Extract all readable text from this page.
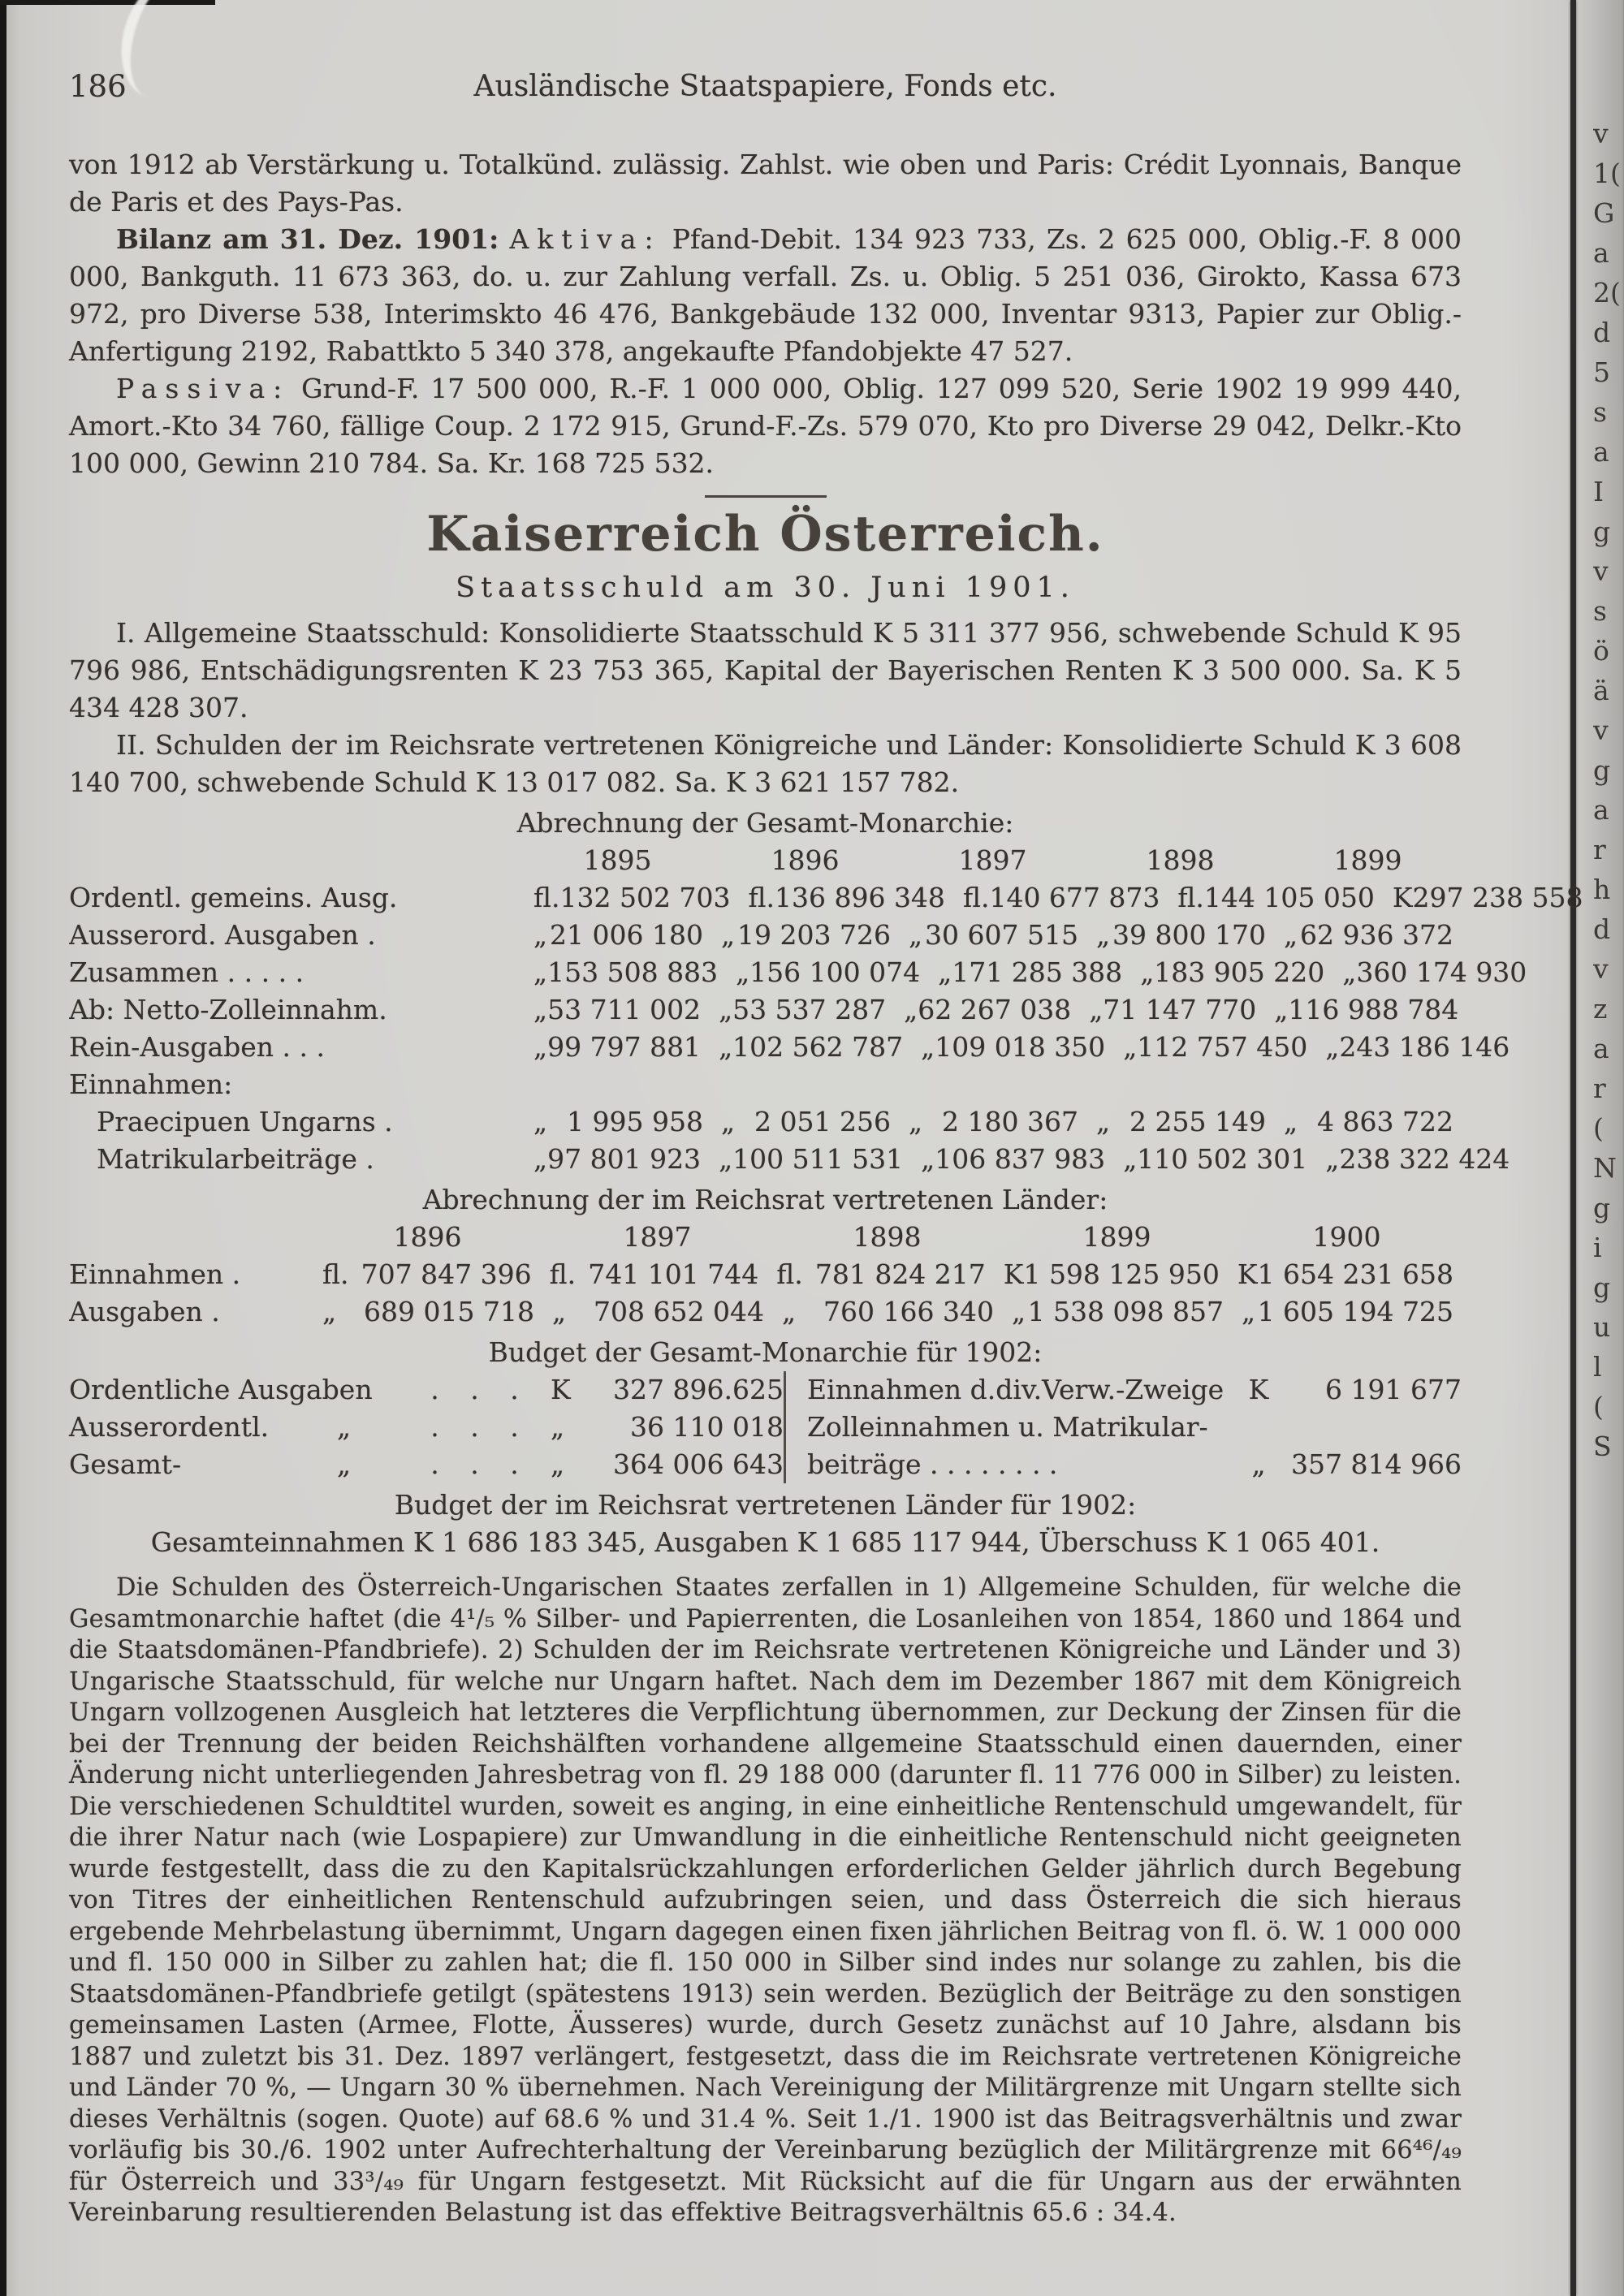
v
1(
G
a
2(
d
5
s
a
I
g
v
s
ö
ä
v
g
a
r
h
d
v
z
a
r
(
N
g
i
g
u
l
(
S
186	Ausländische Staatspapiere, Fonds etc.

von 1912 ab Verstärkung u. Totalkünd. zulässig. Zahlst. wie oben und Paris: Crédit Lyonnais, Banque de Paris et des Pays-Pas.

Bilanz am 31. Dez. 1901: Aktiva: Pfand-Debit. 134 923 733, Zs. 2 625 000, Oblig.-F. 8 000 000, Bankguth. 11 673 363, do. u. zur Zahlung verfall. Zs. u. Oblig. 5 251 036, Girokto, Kassa 673 972, pro Diverse 538, Interimskto 46 476, Bankgebäude 132 000, Inventar 9313, Papier zur Oblig.-Anfertigung 2192, Rabattkto 5 340 378, angekaufte Pfandobjekte 47 527.

Passiva: Grund-F. 17 500 000, R.-F. 1 000 000, Oblig. 127 099 520, Serie 1902 19 999 440, Amort.-Kto 34 760, fällige Coup. 2 172 915, Grund-F.-Zs. 579 070, Kto pro Diverse 29 042, Delkr.-Kto 100 000, Gewinn 210 784. Sa. Kr. 168 725 532.

Kaiserreich Österreich.

Staatsschuld am 30. Juni 1901.

I. Allgemeine Staatsschuld: Konsolidierte Staatsschuld K 5 311 377 956, schwebende Schuld K 95 796 986, Entschädigungsrenten K 23 753 365, Kapital der Bayerischen Renten K 3 500 000. Sa. K 5 434 428 307.

II. Schulden der im Reichsrate vertretenen Königreiche und Länder: Konsolidierte Schuld K 3 608 140 700, schwebende Schuld K 13 017 082. Sa. K 3 621 157 782.

Abrechnung der Gesamt-Monarchie:

1895	1896	1897	1898	1899
Ordentl. gemeins. Ausg.	fl. 132 502 703 fl. 136 896 348 fl. 140 677 873 fl. 144 105 050 K 297 238 558
Ausserord. Ausgaben .	„ 21 006 180 „ 19 203 726 „ 30 607 515 „ 39 800 170 „ 62 936 372
Zusammen . . . . .	„ 153 508 883 „ 156 100 074 „ 171 285 388 „ 183 905 220 „ 360 174 930
Ab: Netto-Zolleinnahm.	„ 53 711 002 „ 53 537 287 „ 62 267 038 „ 71 147 770 „ 116 988 784
Rein-Ausgaben . . .	„ 99 797 881 „ 102 562 787 „ 109 018 350 „ 112 757 450 „ 243 186 146
Einnahmen:
Praecipuen Ungarns .	„ 1 995 958 „ 2 051 256 „ 2 180 367 „ 2 255 149 „ 4 863 722
Matrikularbeiträge .	„ 97 801 923 „ 100 511 531 „ 106 837 983 „ 110 502 301 „ 238 322 424

Abrechnung der im Reichsrat vertretenen Länder:

1896	1897	1898	1899	1900
Einnahmen .	fl. 707 847 396 fl. 741 101 744 fl. 781 824 217 K 1 598 125 950 K 1 654 231 658
Ausgaben .	„ 689 015 718 „ 708 652 044 „ 760 166 340 „ 1 538 098 857 „ 1 605 194 725

Budget der Gesamt-Monarchie für 1902:

Ordentliche Ausgaben	. . . K	327 896.625
Ausserordentl.	„	. . . „	36 110 018
Gesamt-	„	. . . „	364 006 643
Einnahmen d.div.Verw.-Zweige K	6 191 677
Zolleinnahmen u. Matrikular-
beiträge . . . . . . . .	„ 357 814 966

Budget der im Reichsrat vertretenen Länder für 1902:

Gesamteinnahmen K 1 686 183 345, Ausgaben K 1 685 117 944, Überschuss K 1 065 401.

Die Schulden des Österreich-Ungarischen Staates zerfallen in 1) Allgemeine Schulden, für welche die Gesamtmonarchie haftet (die 4¹/₅ % Silber- und Papierrenten, die Losanleihen von 1854, 1860 und 1864 und die Staatsdomänen-Pfandbriefe). 2) Schulden der im Reichsrate vertretenen Königreiche und Länder und 3) Ungarische Staatsschuld, für welche nur Ungarn haftet. Nach dem im Dezember 1867 mit dem Königreich Ungarn vollzogenen Ausgleich hat letzteres die Verpflichtung übernommen, zur Deckung der Zinsen für die bei der Trennung der beiden Reichshälften vorhandene allgemeine Staatsschuld einen dauernden, einer Änderung nicht unterliegenden Jahresbetrag von fl. 29 188 000 (darunter fl. 11 776 000 in Silber) zu leisten. Die verschiedenen Schuldtitel wurden, soweit es anging, in eine einheitliche Rentenschuld umgewandelt, für die ihrer Natur nach (wie Lospapiere) zur Umwandlung in die einheitliche Rentenschuld nicht geeigneten wurde festgestellt, dass die zu den Kapitalsrückzahlungen erforderlichen Gelder jährlich durch Begebung von Titres der einheitlichen Rentenschuld aufzubringen seien, und dass Österreich die sich hieraus ergebende Mehrbelastung übernimmt, Ungarn dagegen einen fixen jährlichen Beitrag von fl. ö. W. 1 000 000 und fl. 150 000 in Silber zu zahlen hat; die fl. 150 000 in Silber sind indes nur solange zu zahlen, bis die Staatsdomänen-Pfandbriefe getilgt (spätestens 1913) sein werden. Bezüglich der Beiträge zu den sonstigen gemeinsamen Lasten (Armee, Flotte, Äusseres) wurde, durch Gesetz zunächst auf 10 Jahre, alsdann bis 1887 und zuletzt bis 31. Dez. 1897 verlängert, festgesetzt, dass die im Reichsrate vertretenen Königreiche und Länder 70 %, — Ungarn 30 % übernehmen. Nach Vereinigung der Militärgrenze mit Ungarn stellte sich dieses Verhältnis (sogen. Quote) auf 68.6 % und 31.4 %. Seit 1./1. 1900 ist das Beitragsverhältnis und zwar vorläufig bis 30./6. 1902 unter Aufrechterhaltung der Vereinbarung bezüglich der Militärgrenze mit 66⁴⁶/₄₉ für Österreich und 33³/₄₉ für Ungarn festgesetzt. Mit Rücksicht auf die für Ungarn aus der erwähnten Vereinbarung resultierenden Belastung ist das effektive Beitragsverhältnis 65.6 : 34.4.
